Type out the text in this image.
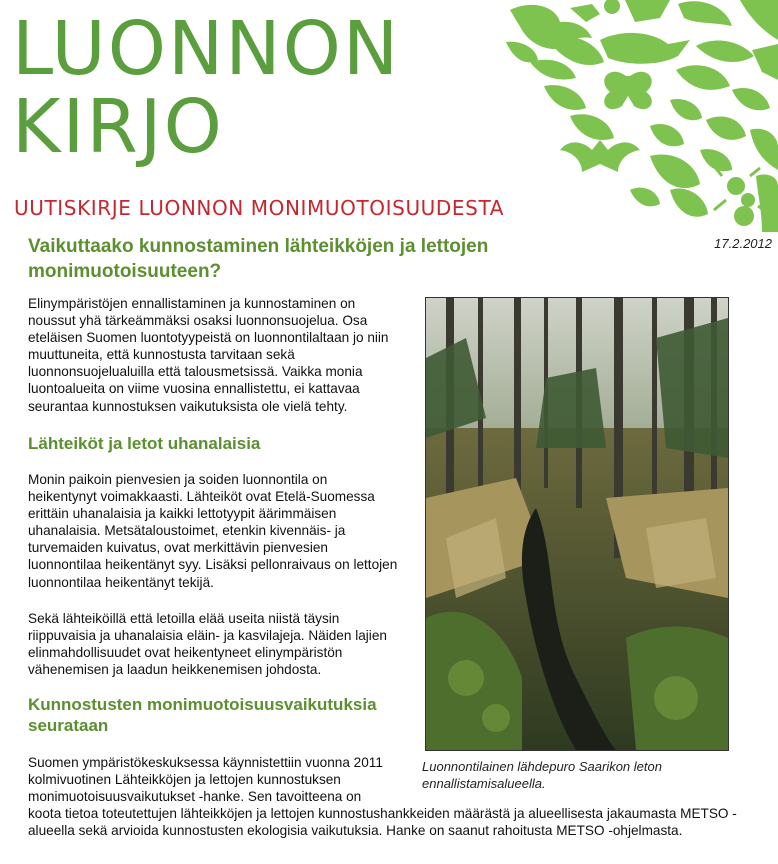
LUONNON
KIRJO
UUTISKIRJE LUONNON MONIMUOTOISUUDESTA
17.2.2012
Vaikuttaako kunnostaminen lähteikköjen ja lettojen monimuotoisuuteen?
Elinympäristöjen ennallistaminen ja kunnostaminen on noussut yhä tärkeämmäksi osaksi luonnonsuojelua. Osa eteläisen Suomen luontotyypeistä on luonnontilaltaan jo niin muuttuneita, että kunnostusta tarvitaan sekä luonnonsuojelualuilla että talousmetsissä. Vaikka monia luontoalueita on viime vuosina ennallistettu, ei kattavaa seurantaa kunnostuksen vaikutuksista ole vielä tehty.
Lähteiköt ja letot uhanalaisia
Monin paikoin pienvesien ja soiden luonnontila on heikentynyt voimakkaasti. Lähteiköt ovat Etelä-Suomessa erittäin uhanalaisia ja kaikki lettotyypit äärimmäisen uhanalaisia. Metsätaloustoimet, etenkin kivennäis- ja turvemaiden kuivatus, ovat merkittävin pienvesien luonnontilaa heikentänyt syy. Lisäksi pellonraivaus on lettojen luonnontilaa heikentänyt tekijä.
Sekä lähteiköillä että letoilla elää useita niistä täysin riippuvaisia ja uhanalaisia eläin- ja kasvilajeja. Näiden lajien elinmahdollisuudet ovat heikentyneet elinympäristön vähenemisen ja laadun heikkenemisen johdosta.
Kunnostusten monimuotoisuusvaikutuksia seurataan
Suomen ympäristökeskuksessa käynnistettiin vuonna 2011 kolmivuotinen Lähteikköjen ja lettojen kunnostuksen monimuotoisuusvaikutukset -hanke. Sen tavoitteena on
koota tietoa toteutettujen lähteikköjen ja lettojen kunnostushankkeiden määrästä ja alueellisesta jakaumasta METSO -alueella sekä arvioida kunnostusten ekologisia vaikutuksia. Hanke on saanut rahoitusta METSO -ohjelmasta.
Luonnontilainen lähdepuro Saarikon leton ennallistamisalueella.
